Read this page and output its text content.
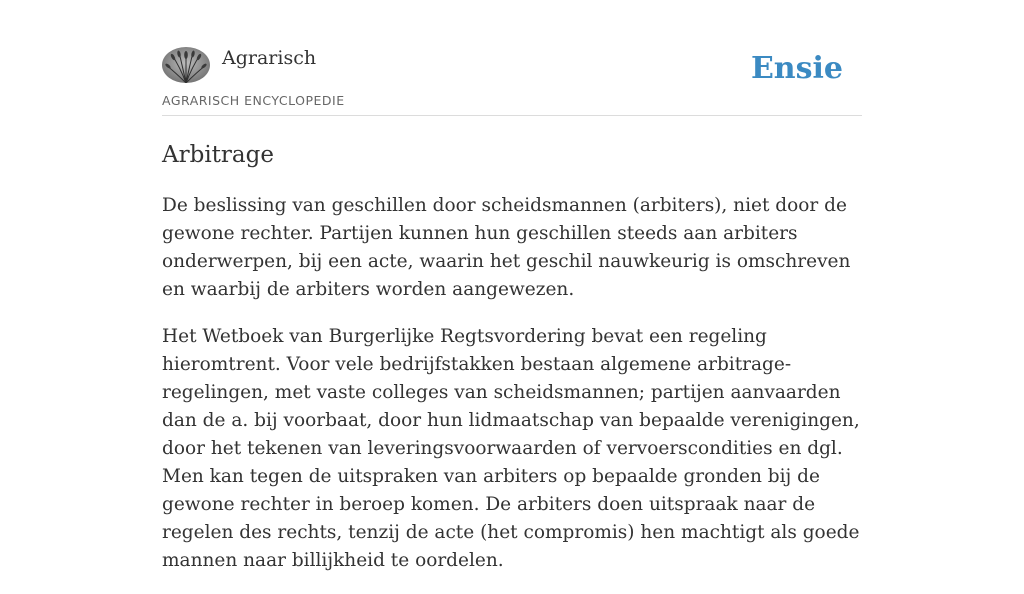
Agrarisch
AGRARISCH ENCYCLOPEDIE
Ensie
Arbitrage

De beslissing van geschillen door scheidsmannen (arbiters), niet door de gewone rechter. Partijen kunnen hun geschillen steeds aan arbiters onderwerpen, bij een acte, waarin het geschil nauwkeurig is omschreven en waarbij de arbiters worden aangewezen.

Het Wetboek van Burgerlijke Regtsvordering bevat een regeling hieromtrent. Voor vele bedrijfstakken bestaan algemene arbitrage-regelingen, met vaste colleges van scheidsmannen; partijen aanvaarden dan de a. bij voorbaat, door hun lidmaatschap van bepaalde verenigingen, door het tekenen van leveringsvoorwaarden of vervoerscondities en dgl. Men kan tegen de uitspraken van arbiters op bepaalde gronden bij de gewone rechter in beroep komen. De arbiters doen uitspraak naar de regelen des rechts, tenzij de acte (het compromis) hen machtigt als goede mannen naar billijkheid te oordelen.
